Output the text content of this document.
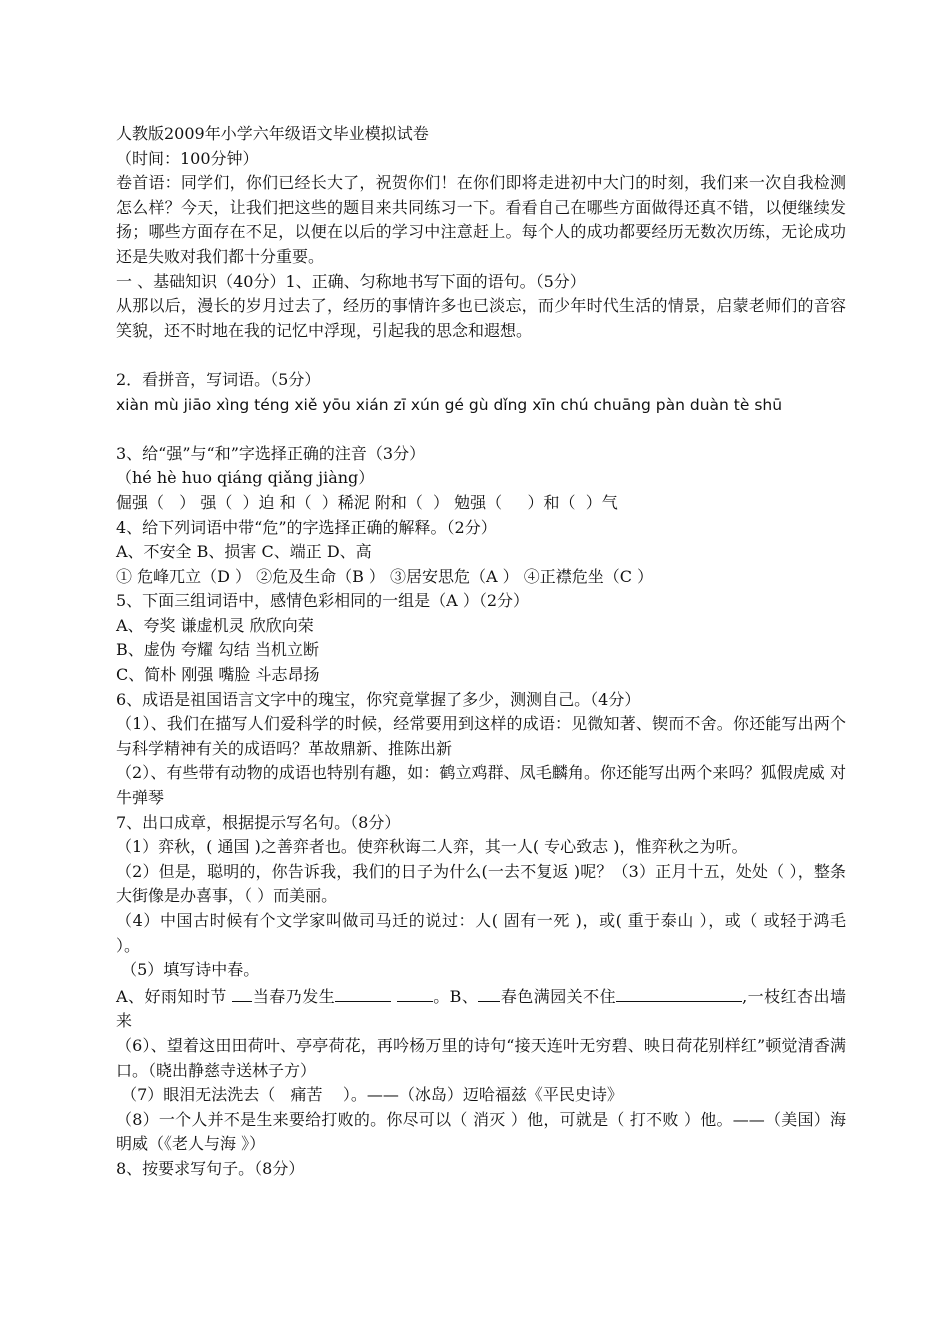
人教版2009年小学六年级语文毕业模拟试卷
（时间：100分钟）
卷首语：同学们，你们已经长大了，祝贺你们！在你们即将走进初中大门的时刻，我们来一次自我检测怎么样？今天，让我们把这些的题目来共同练习一下。看看自己在哪些方面做得还真不错，以便继续发扬；哪些方面存在不足，以便在以后的学习中注意赶上。每个人的成功都要经历无数次历练，无论成功还是失败对我们都十分重要。
一 、基础知识（40分）1、正确、匀称地书写下面的语句。（5分）
从那以后，漫长的岁月过去了，经历的事情许多也已淡忘，而少年时代生活的情景，启蒙老师们的音容笑貌，还不时地在我的记忆中浮现，引起我的思念和遐想。
2．看拼音，写词语。（5分）
xiàn mù jiāo xìng téng xiě yōu xián zī xún gé gù dǐng xīn chú chuāng pàn duàn tè shū
3、给“强”与“和”字选择正确的注音（3分）
（hé hè huo qiáng qiǎng jiàng）
倔强（   ） 强（  ）迫 和（  ）稀泥 附和（  ） 勉强（     ）和（  ）气
4、给下列词语中带“危”的字选择正确的解释。（2分）
A、不安全 B、损害 C、端正 D、高
① 危峰兀立（D ） ②危及生命（B ） ③居安思危（A ） ④正襟危坐（C ）
5、下面三组词语中，感情色彩相同的一组是（A ）（2分）
A、夸奖 谦虚机灵 欣欣向荣
B、虚伪 夸耀 勾结 当机立断
C、简朴 刚强 嘴脸 斗志昂扬
6、成语是祖国语言文字中的瑰宝，你究竟掌握了多少，测测自己。（4分）
（1）、我们在描写人们爱科学的时候，经常要用到这样的成语：见微知著、锲而不舍。你还能写出两个与科学精神有关的成语吗？革故鼎新、推陈出新
（2）、有些带有动物的成语也特别有趣，如：鹤立鸡群、凤毛麟角。你还能写出两个来吗？狐假虎威 对牛弹琴
7、出口成章，根据提示写名句。（8分）
（1）弈秋，( 通国 )之善弈者也。使弈秋诲二人弈，其一人( 专心致志 )，惟弈秋之为听。
（2）但是，聪明的，你告诉我，我们的日子为什么(一去不复返 )呢？（3）正月十五，处处（ ），整条大街像是办喜事，（ ）而美丽。
（4）中国古时候有个文学家叫做司马迁的说过：人( 固有一死 )，或( 重于泰山 ），或（ 或轻于鸿毛 ）。
（5）填写诗中春。
A、好雨知时节 当春乃发生	。B、 春色满园关不住	,一枝红杏出墙来
（6）、望着这田田荷叶、亭亭荷花，再吟杨万里的诗句“接天连叶无穷碧、映日荷花别样红”顿觉清香满口。（晓出静慈寺送林子方）
（7）眼泪无法洗去（   痛苦    ）。——（冰岛）迈哈福兹《平民史诗》
（8）一个人并不是生来要给打败的。你尽可以（ 消灭 ）他，可就是（ 打不败 ）他。——（美国）海明威（《老人与海 》）
8、按要求写句子。（8分）
